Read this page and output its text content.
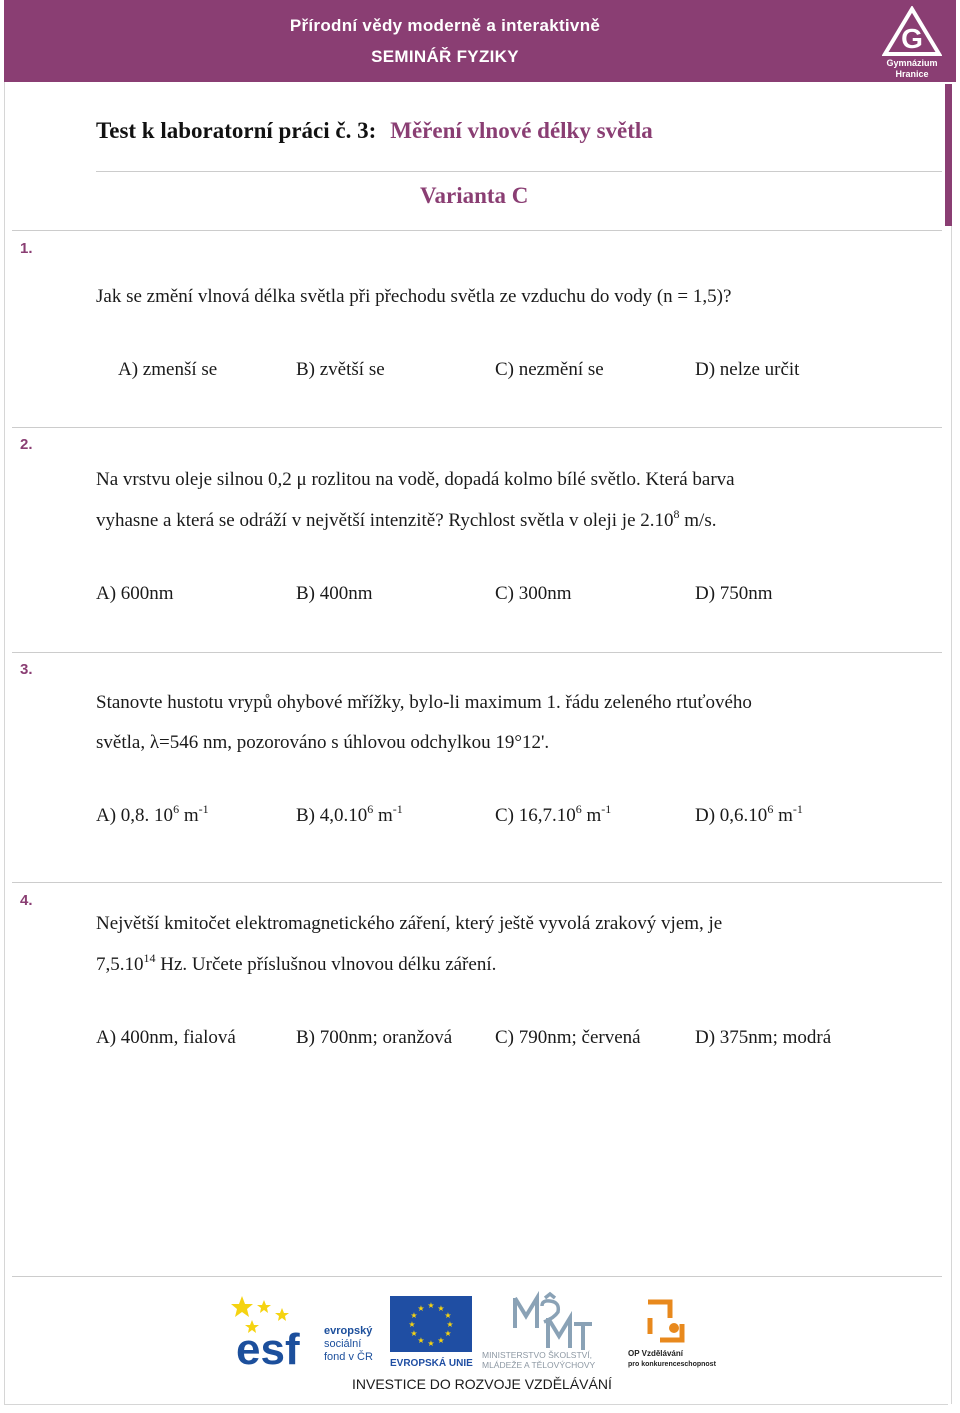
Přírodní vědy moderně a interaktivně
SEMINÁŘ FYZIKY
G
Gymnázium
Hranice
Test k laboratorní práci č. 3: Měření vlnové délky světla
Varianta C
1.
Jak se změní vlnová délka světla při přechodu světla ze vzduchu do vody (n = 1,5)?
A) zmenší se	B) zvětší se	C) nezmění se	D) nelze určit
2.
Na vrstvu oleje silnou 0,2 μ rozlitou na vodě, dopadá kolmo bílé světlo. Která barva
vyhasne a která se odráží v největší intenzitě? Rychlost světla v oleji je 2.10$^8$ m/s.
A) 600nm	B) 400nm	C) 300nm	D) 750nm
3.
Stanovte hustotu vrypů ohybové mřížky, bylo-li maximum 1. řádu zeleného rtuťového
světla, λ=546 nm, pozorováno s úhlovou odchylkou 19°12'.
A) 0,8. $10^6$ $m^{-1}$	B) 4,0.10$^6$ $m^{-1}$	C) 16,7.10$^6$ $m^{-1}$	D) 0,6.10$^6$ $m^{-1}$
4.
Největší kmitočet elektromagnetického záření, který ještě vyvolá zrakový vjem, je
7,5.10$^{14}$ Hz. Určete příslušnou vlnovou délku záření.
A) 400nm, fialová	B) 700nm; oranžová C) 790nm; červená	D) 375nm; modrá
esf evropský
sociální
fond v ČR
★ ★
★
★
★
★
★
★
★
★
★
★
EVROPSKÁ UNIE
MINISTERSTVO ŠKOLSTVÍ,
MLÁDEŽE A TĚLOVÝCHOVY
OP Vzdělávání
pro konkurenceschopnost
INVESTICE DO ROZVOJE VZDĚLÁVÁNÍ
